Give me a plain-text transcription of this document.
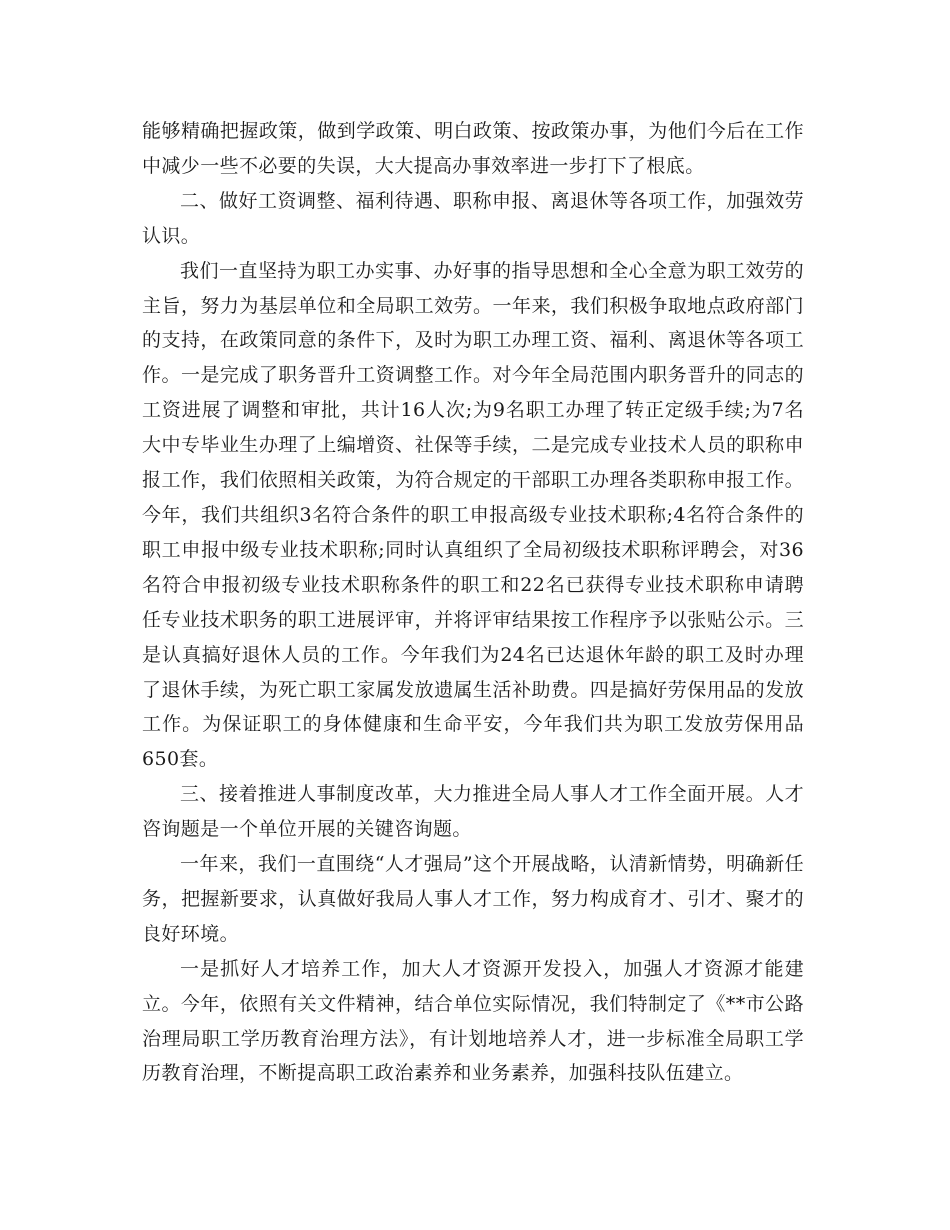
能够精确把握政策，做到学政策、明白政策、按政策办事，为他们今后在工作中减少一些不必要的失误，大大提高办事效率进一步打下了根底。

二、做好工资调整、福利待遇、职称申报、离退休等各项工作，加强效劳认识。

我们一直坚持为职工办实事、办好事的指导思想和全心全意为职工效劳的主旨，努力为基层单位和全局职工效劳。一年来，我们积极争取地点政府部门的支持，在政策同意的条件下，及时为职工办理工资、福利、离退休等各项工作。一是完成了职务晋升工资调整工作。对今年全局范围内职务晋升的同志的工资进展了调整和审批，共计16人次;为9名职工办理了转正定级手续;为7名大中专毕业生办理了上编增资、社保等手续，二是完成专业技术人员的职称申报工作，我们依照相关政策，为符合规定的干部职工办理各类职称申报工作。今年，我们共组织3名符合条件的职工申报高级专业技术职称;4名符合条件的职工申报中级专业技术职称;同时认真组织了全局初级技术职称评聘会，对36名符合申报初级专业技术职称条件的职工和22名已获得专业技术职称申请聘任专业技术职务的职工进展评审，并将评审结果按工作程序予以张贴公示。三是认真搞好退休人员的工作。今年我们为24名已达退休年龄的职工及时办理了退休手续，为死亡职工家属发放遗属生活补助费。四是搞好劳保用品的发放工作。为保证职工的身体健康和生命平安，今年我们共为职工发放劳保用品650套。

三、接着推进人事制度改革，大力推进全局人事人才工作全面开展。人才咨询题是一个单位开展的关键咨询题。

一年来，我们一直围绕“人才强局”这个开展战略，认清新情势，明确新任务，把握新要求，认真做好我局人事人才工作，努力构成育才、引才、聚才的良好环境。

一是抓好人才培养工作，加大人才资源开发投入，加强人才资源才能建立。今年，依照有关文件精神，结合单位实际情况，我们特制定了《**市公路治理局职工学历教育治理方法》，有计划地培养人才，进一步标准全局职工学历教育治理，不断提高职工政治素养和业务素养，加强科技队伍建立。
